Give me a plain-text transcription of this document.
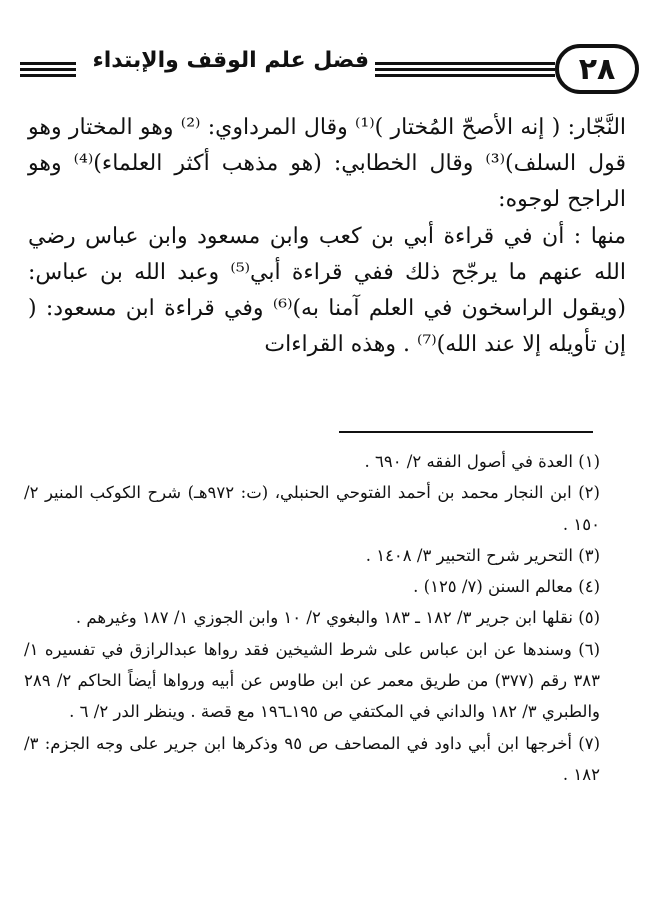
٢٨
فضل علم الوقف والإبتداء

النَّجّار: ( إنه الأصحّ المُختار )⁽¹⁾ وقال المرداوي: ⁽²⁾ وهو المختار وهو قول السلف)⁽³⁾ وقال الخطابي: (هو مذهب أكثر العلماء)⁽⁴⁾ وهو الراجح لوجوه:

منها : أن في قراءة أبي بن كعب وابن مسعود وابن عباس رضي الله عنهم ما يرجّح ذلك ففي قراءة أبي⁽⁵⁾ وعبد الله بن عباس: (ويقول الراسخون في العلم آمنا به)⁽⁶⁾ وفي قراءة ابن مسعود: ( إن تأويله إلا عند الله)⁽⁷⁾ . وهذه القراءات

(١) العدة في أصول الفقه ٢/ ٦٩٠ .

(٢) ابن النجار محمد بن أحمد الفتوحي الحنبلي، (ت: ٩٧٢هـ) شرح الكوكب المنير ٢/ ١٥٠ .

(٣) التحرير شرح التحبير ٣/ ١٤٠٨ .

(٤) معالم السنن (٧/ ١٢٥) .

(٥) نقلها ابن جرير ٣/ ١٨٢ ـ ١٨٣ والبغوي ٢/ ١٠ وابن الجوزي ١/ ١٨٧ وغيرهم .

(٦) وسندها عن ابن عباس على شرط الشيخين فقد رواها عبدالرازق في تفسيره ١/ ٣٨٣ رقم (٣٧٧) من طريق معمر عن ابن طاوس عن أبيه ورواها أيضاً الحاكم ٢/ ٢٨٩ والطبري ٣/ ١٨٢ والداني في المكتفي ص ١٩٥ـ١٩٦ مع قصة . وينظر الدر ٢/ ٦ .

(٧) أخرجها ابن أبي داود في المصاحف ص ٩٥ وذكرها ابن جرير على وجه الجزم: ٣/ ١٨٢ .
